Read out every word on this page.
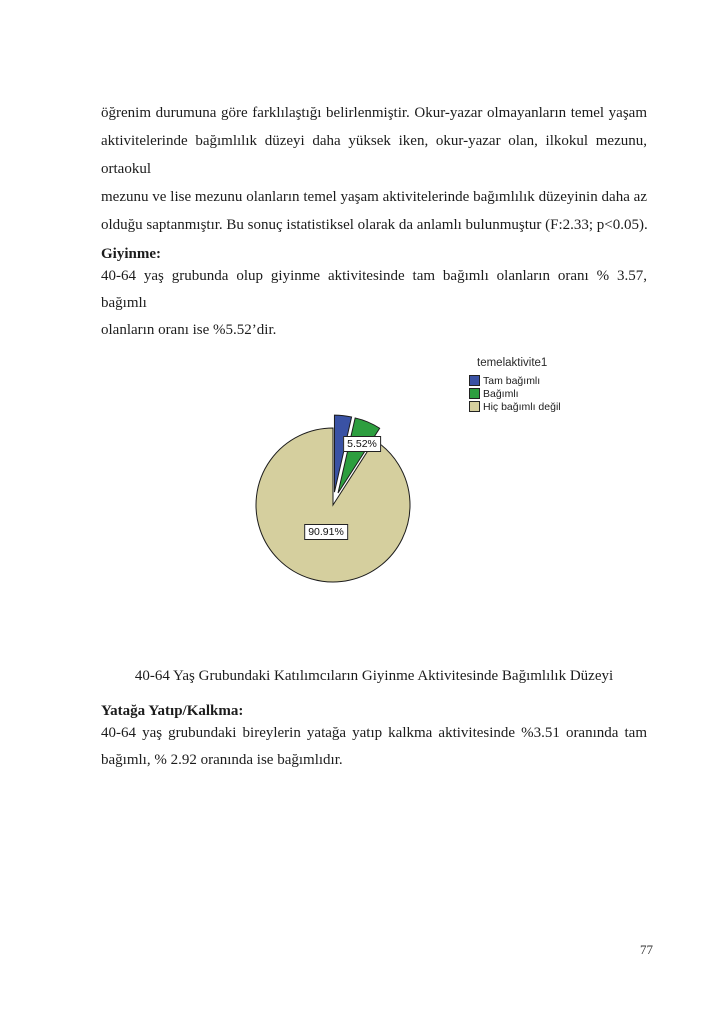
öğrenim durumuna göre farklılaştığı belirlenmiştir. Okur-yazar olmayanların temel yaşam
aktivitelerinde bağımlılık düzeyi daha yüksek iken, okur-yazar olan, ilkokul mezunu, ortaokul
mezunu ve lise mezunu olanların temel yaşam aktivitelerinde bağımlılık düzeyinin daha az
olduğu saptanmıştır. Bu sonuç istatistiksel olarak da anlamlı bulunmuştur (F:2.33; p<0.05).
Giyinme:
40-64 yaş grubunda olup giyinme aktivitesinde tam bağımlı olanların oranı % 3.57, bağımlı
olanların oranı ise %5.52’dir.
temelaktivite1
Tam bağımlı
Bağımlı
Hiç bağımlı değil
5.52%
90.91%
40-64 Yaş Grubundaki Katılımcıların Giyinme Aktivitesinde Bağımlılık Düzeyi
Yatağa Yatıp/Kalkma:
40-64 yaş grubundaki bireylerin yatağa yatıp kalkma aktivitesinde %3.51 oranında tam
bağımlı, % 2.92 oranında ise bağımlıdır.
77
